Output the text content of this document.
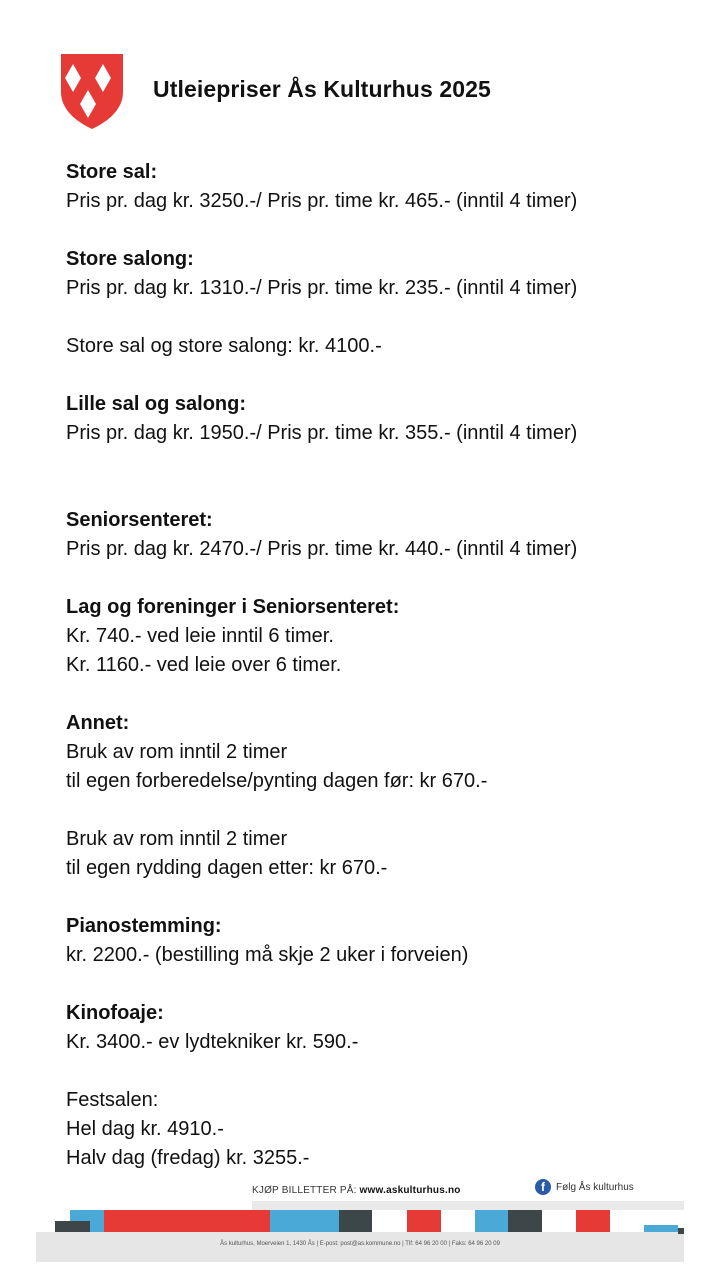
Utleiepriser Ås Kulturhus 2025
Store sal:
Pris pr. dag kr. 3250.-/ Pris pr. time kr. 465.- (inntil 4 timer)
Store salong:
Pris pr. dag kr. 1310.-/ Pris pr. time kr. 235.- (inntil 4 timer)
Store sal og store salong: kr. 4100.-
Lille sal og salong:
Pris pr. dag kr. 1950.-/ Pris pr. time kr. 355.- (inntil 4 timer)
Seniorsenteret:
Pris pr. dag kr. 2470.-/ Pris pr. time kr. 440.- (inntil 4 timer)
Lag og foreninger i Seniorsenteret:
Kr. 740.- ved leie inntil 6 timer.
Kr. 1160.- ved leie over 6 timer.
Annet:
Bruk av rom inntil 2 timer
til egen forberedelse/pynting dagen før: kr 670.-
Bruk av rom inntil 2 timer
til egen rydding dagen etter: kr 670.-
Pianostemming:
kr. 2200.- (bestilling må skje 2 uker i forveien)
Kinofoaje:
Kr. 3400.- ev lydtekniker kr. 590.-
Festsalen:
Hel dag kr. 4910.-
Halv dag (fredag) kr. 3255.-
KJØP BILLETTER PÅ: www.askulturhus.no	f	Følg Ås kulturhus
Ås kulturhus, Moerveien 1, 1430 Ås | E-post: post@as.kommune.no | Tlf: 64 96 20 00 | Faks: 64 96 20 09
